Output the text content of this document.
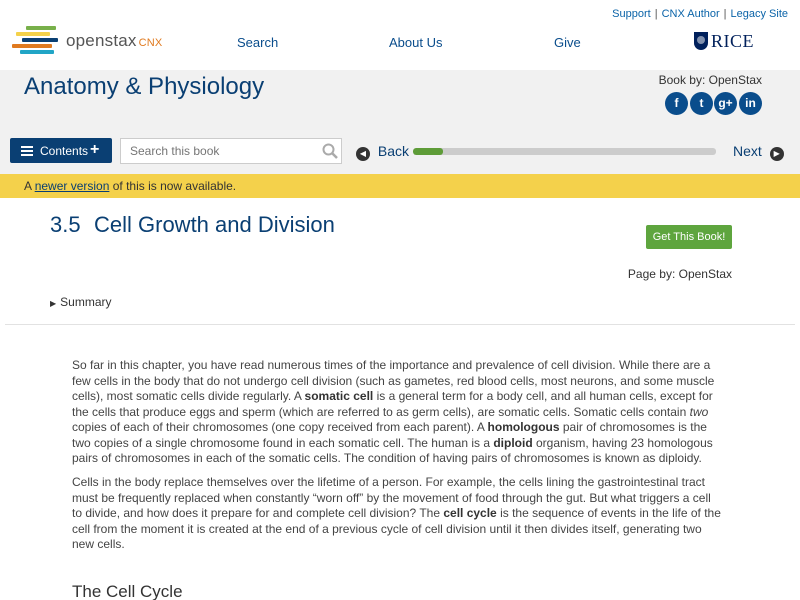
openstax CNX
Support | CNX Author | Legacy Site
Search	About Us	Give	RICE
Anatomy & Physiology	Book by: OpenStax
f	t	g+	in
Contents +
Search this book	◀ Back	Next ▶
A newer version of this is now available.
3.5 Cell Growth and Division	Get This Book!
Page by: OpenStax
▶ Summary

So far in this chapter, you have read numerous times of the importance and prevalence of cell division. While there are a few cells in the body that do not undergo cell division (such as gametes, red blood cells, most neurons, and some muscle cells), most somatic cells divide regularly. A somatic cell is a general term for a body cell, and all human cells, except for the cells that produce eggs and sperm (which are referred to as germ cells), are somatic cells. Somatic cells contain two copies of each of their chromosomes (one copy received from each parent). A homologous pair of chromosomes is the two copies of a single chromosome found in each somatic cell. The human is a diploid organism, having 23 homologous pairs of chromosomes in each of the somatic cells. The condition of having pairs of chromosomes is known as diploidy.

Cells in the body replace themselves over the lifetime of a person. For example, the cells lining the gastrointestinal tract must be frequently replaced when constantly “worn off” by the movement of food through the gut. But what triggers a cell to divide, and how does it prepare for and complete cell division? The cell cycle is the sequence of events in the life of the cell from the moment it is created at the end of a previous cycle of cell division until it then divides itself, generating two new cells.

The Cell Cycle
